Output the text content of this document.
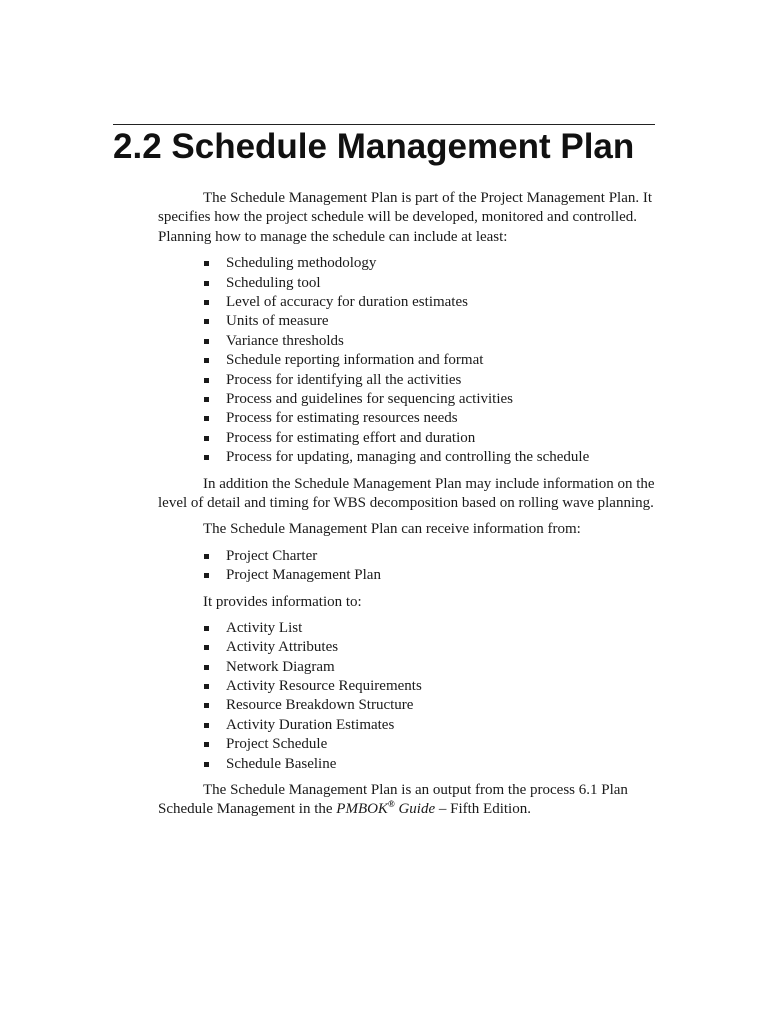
2.2 Schedule Management Plan

The Schedule Management Plan is part of the Project Management Plan. It specifies how the project schedule will be developed, monitored and controlled. Planning how to manage the schedule can include at least:

Scheduling methodology
Scheduling tool
Level of accuracy for duration estimates
Units of measure
Variance thresholds
Schedule reporting information and format
Process for identifying all the activities
Process and guidelines for sequencing activities
Process for estimating resources needs
Process for estimating effort and duration
Process for updating, managing and controlling the schedule

In addition the Schedule Management Plan may include information on the level of detail and timing for WBS decomposition based on rolling wave planning.

The Schedule Management Plan can receive information from:

Project Charter
Project Management Plan

It provides information to:

Activity List
Activity Attributes
Network Diagram
Activity Resource Requirements
Resource Breakdown Structure
Activity Duration Estimates
Project Schedule
Schedule Baseline

The Schedule Management Plan is an output from the process 6.1 Plan Schedule Management in the PMBOK® Guide – Fifth Edition.
